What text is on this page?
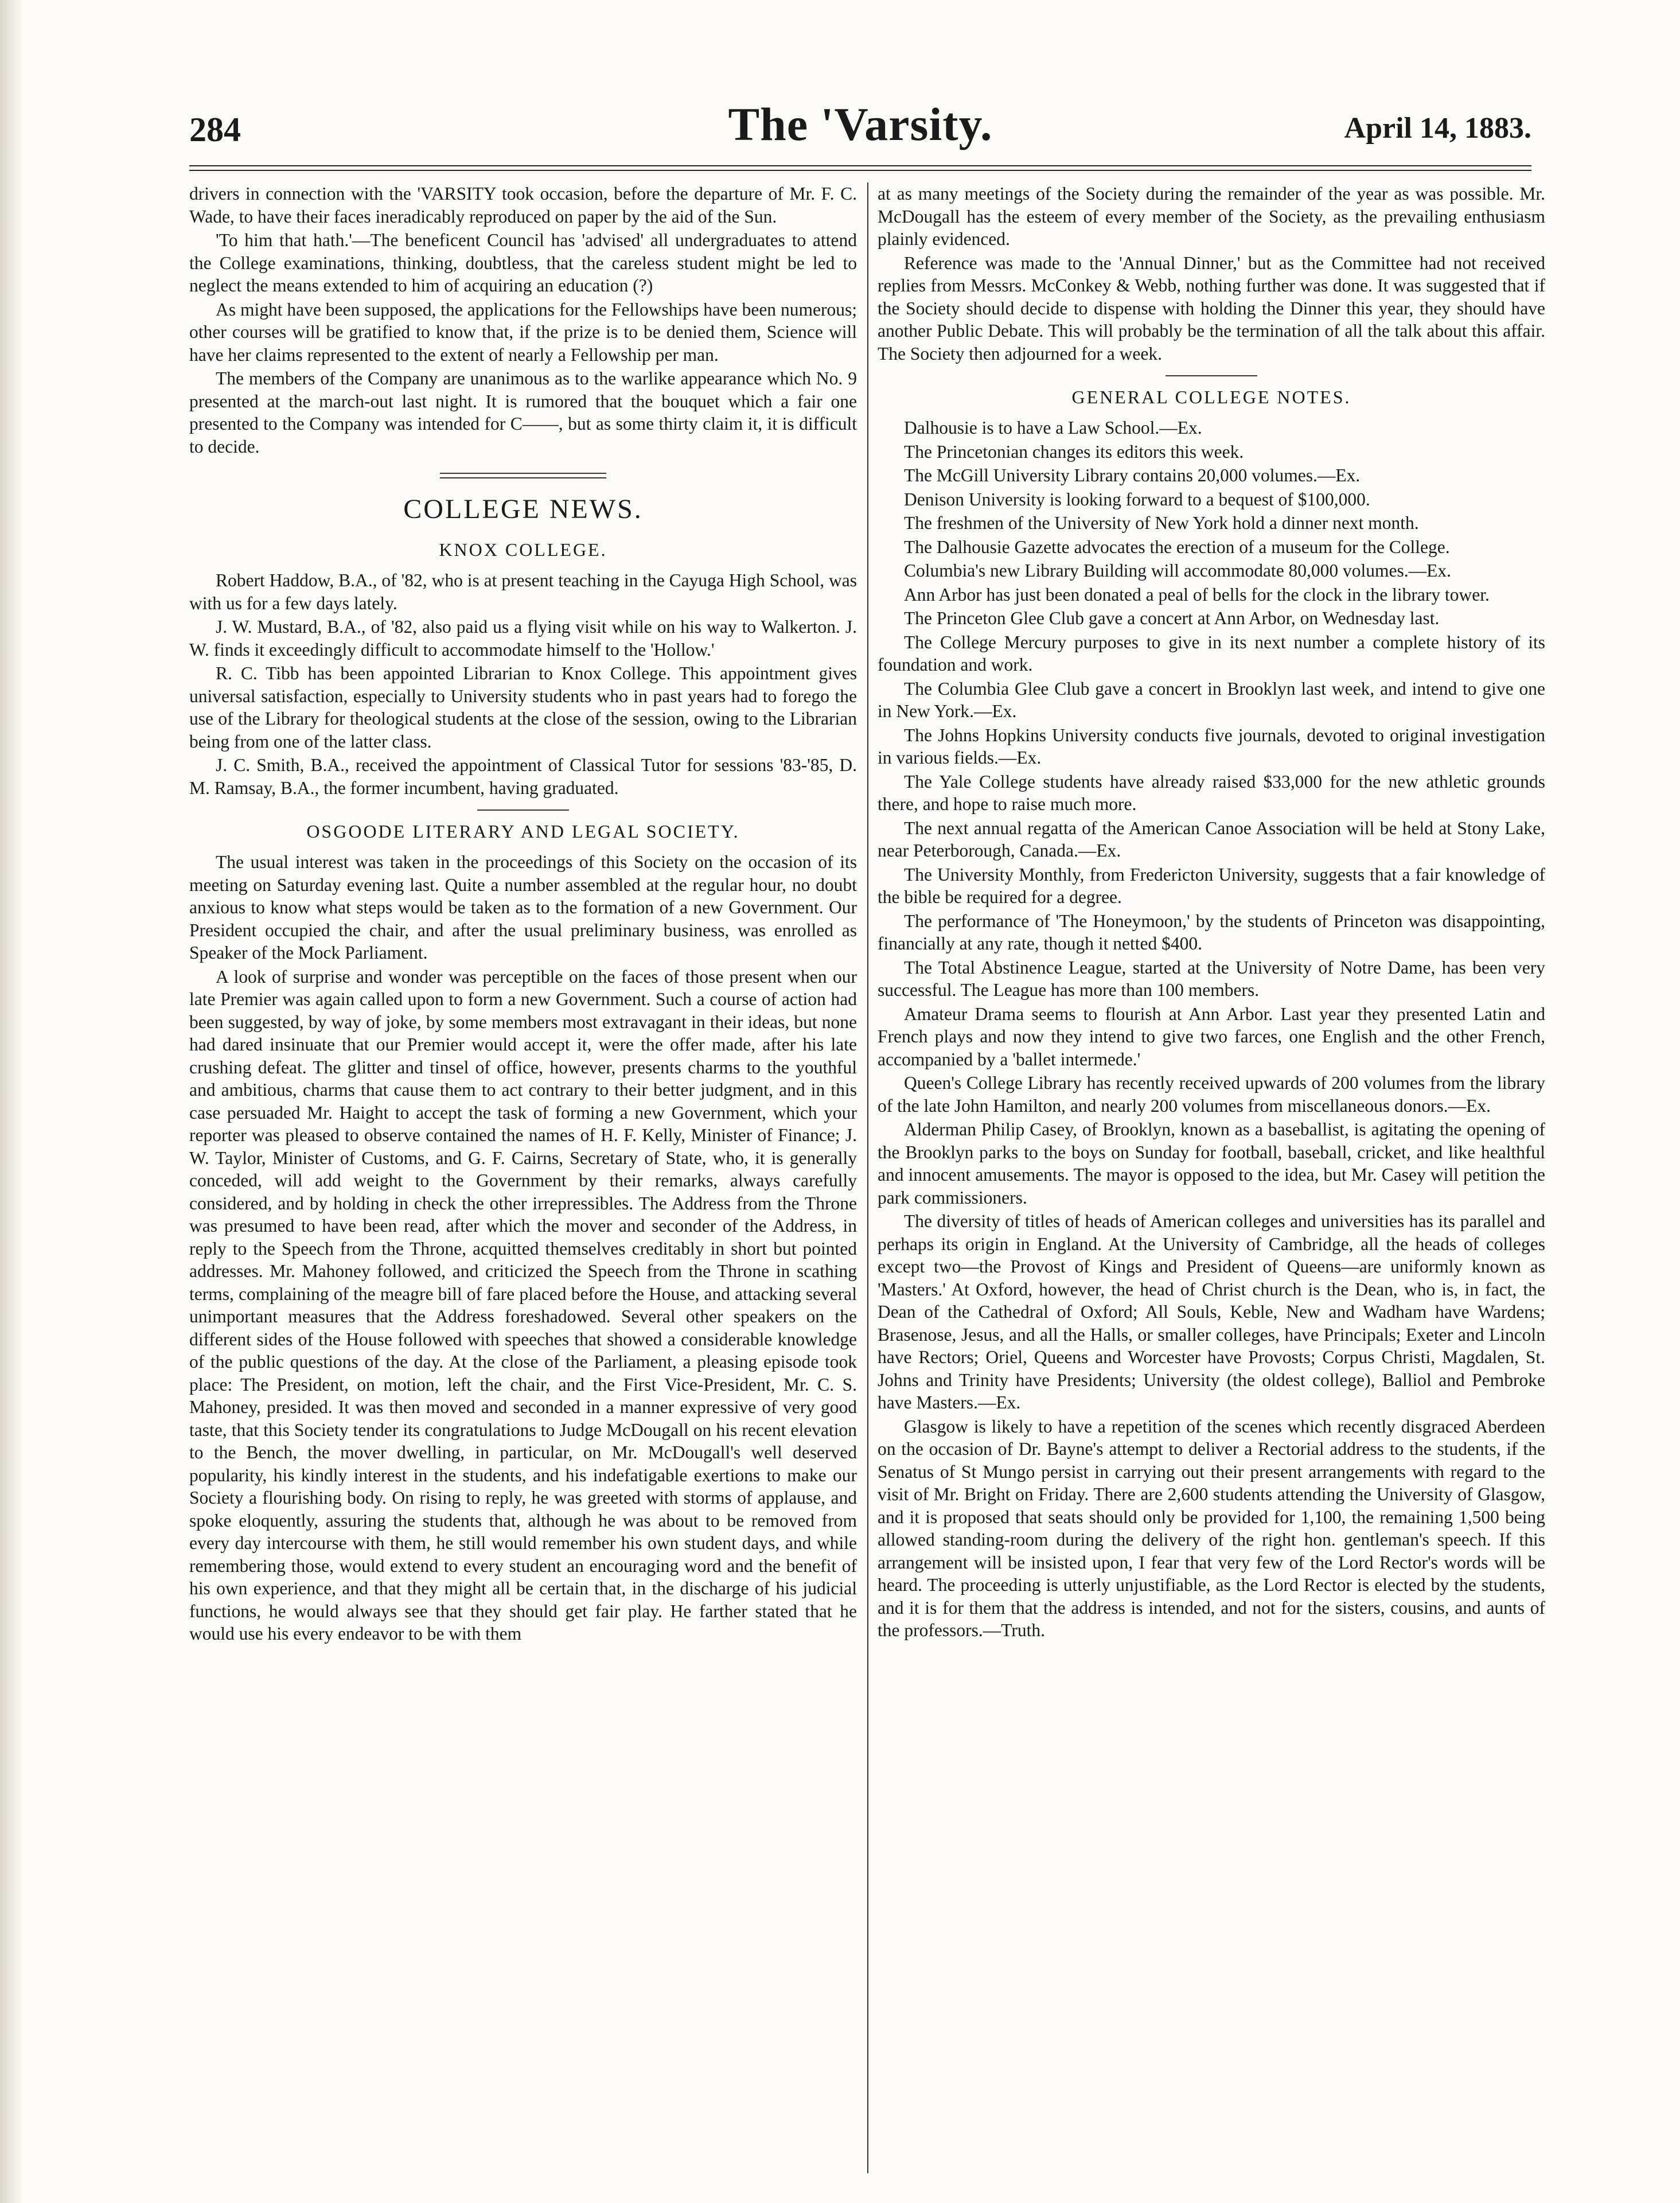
284	The 'Varsity.	April 14, 1883.

drivers in connection with the 'VARSITY took occasion, before the departure of Mr. F. C. Wade, to have their faces ineradicably reproduced on paper by the aid of the Sun.

'To him that hath.'—The beneficent Council has 'advised' all undergraduates to attend the College examinations, thinking, doubtless, that the careless student might be led to neglect the means extended to him of acquiring an education (?)

As might have been supposed, the applications for the Fellowships have been numerous; other courses will be gratified to know that, if the prize is to be denied them, Science will have her claims represented to the extent of nearly a Fellowship per man.

The members of the Company are unanimous as to the warlike appearance which No. 9 presented at the march-out last night. It is rumored that the bouquet which a fair one presented to the Company was intended for C——, but as some thirty claim it, it is difficult to decide.

COLLEGE NEWS.
KNOX COLLEGE.

Robert Haddow, B.A., of '82, who is at present teaching in the Cayuga High School, was with us for a few days lately.

J. W. Mustard, B.A., of '82, also paid us a flying visit while on his way to Walkerton. J. W. finds it exceedingly difficult to accommodate himself to the 'Hollow.'

R. C. Tibb has been appointed Librarian to Knox College. This appointment gives universal satisfaction, especially to University students who in past years had to forego the use of the Library for theological students at the close of the session, owing to the Librarian being from one of the latter class.

J. C. Smith, B.A., received the appointment of Classical Tutor for sessions '83-'85, D. M. Ramsay, B.A., the former incumbent, having graduated.

OSGOODE LITERARY AND LEGAL SOCIETY.

The usual interest was taken in the proceedings of this Society on the occasion of its meeting on Saturday evening last. Quite a number assembled at the regular hour, no doubt anxious to know what steps would be taken as to the formation of a new Government. Our President occupied the chair, and after the usual preliminary business, was enrolled as Speaker of the Mock Parliament.

A look of surprise and wonder was perceptible on the faces of those present when our late Premier was again called upon to form a new Government. Such a course of action had been suggested, by way of joke, by some members most extravagant in their ideas, but none had dared insinuate that our Premier would accept it, were the offer made, after his late crushing defeat. The glitter and tinsel of office, however, presents charms to the youthful and ambitious, charms that cause them to act contrary to their better judgment, and in this case persuaded Mr. Haight to accept the task of forming a new Government, which your reporter was pleased to observe contained the names of H. F. Kelly, Minister of Finance; J. W. Taylor, Minister of Customs, and G. F. Cairns, Secretary of State, who, it is generally conceded, will add weight to the Government by their remarks, always carefully considered, and by holding in check the other irrepressibles. The Address from the Throne was presumed to have been read, after which the mover and seconder of the Address, in reply to the Speech from the Throne, acquitted themselves creditably in short but pointed addresses. Mr. Mahoney followed, and criticized the Speech from the Throne in scathing terms, complaining of the meagre bill of fare placed before the House, and attacking several unimportant measures that the Address foreshadowed. Several other speakers on the different sides of the House followed with speeches that showed a considerable knowledge of the public questions of the day. At the close of the Parliament, a pleasing episode took place: The President, on motion, left the chair, and the First Vice-President, Mr. C. S. Mahoney, presided. It was then moved and seconded in a manner expressive of very good taste, that this Society tender its congratulations to Judge McDougall on his recent elevation to the Bench, the mover dwelling, in particular, on Mr. McDougall's well deserved popularity, his kindly interest in the students, and his indefatigable exertions to make our Society a flourishing body. On rising to reply, he was greeted with storms of applause, and spoke eloquently, assuring the students that, although he was about to be removed from every day intercourse with them, he still would remember his own student days, and while remembering those, would extend to every student an encouraging word and the benefit of his own experience, and that they might all be certain that, in the discharge of his judicial functions, he would always see that they should get fair play. He farther stated that he would use his every endeavor to be with them

at as many meetings of the Society during the remainder of the year as was possible. Mr. McDougall has the esteem of every member of the Society, as the prevailing enthusiasm plainly evidenced.

Reference was made to the 'Annual Dinner,' but as the Committee had not received replies from Messrs. McConkey & Webb, nothing further was done. It was suggested that if the Society should decide to dispense with holding the Dinner this year, they should have another Public Debate. This will probably be the termination of all the talk about this affair. The Society then adjourned for a week.

GENERAL COLLEGE NOTES.

Dalhousie is to have a Law School.—Ex.

The Princetonian changes its editors this week.

The McGill University Library contains 20,000 volumes.—Ex.

Denison University is looking forward to a bequest of $100,000.

The freshmen of the University of New York hold a dinner next month.

The Dalhousie Gazette advocates the erection of a museum for the College.

Columbia's new Library Building will accommodate 80,000 volumes.—Ex.

Ann Arbor has just been donated a peal of bells for the clock in the library tower.

The Princeton Glee Club gave a concert at Ann Arbor, on Wednesday last.

The College Mercury purposes to give in its next number a complete history of its foundation and work.

The Columbia Glee Club gave a concert in Brooklyn last week, and intend to give one in New York.—Ex.

The Johns Hopkins University conducts five journals, devoted to original investigation in various fields.—Ex.

The Yale College students have already raised $33,000 for the new athletic grounds there, and hope to raise much more.

The next annual regatta of the American Canoe Association will be held at Stony Lake, near Peterborough, Canada.—Ex.

The University Monthly, from Fredericton University, suggests that a fair knowledge of the bible be required for a degree.

The performance of 'The Honeymoon,' by the students of Princeton was disappointing, financially at any rate, though it netted $400.

The Total Abstinence League, started at the University of Notre Dame, has been very successful. The League has more than 100 members.

Amateur Drama seems to flourish at Ann Arbor. Last year they presented Latin and French plays and now they intend to give two farces, one English and the other French, accompanied by a 'ballet intermede.'

Queen's College Library has recently received upwards of 200 volumes from the library of the late John Hamilton, and nearly 200 volumes from miscellaneous donors.—Ex.

Alderman Philip Casey, of Brooklyn, known as a baseballist, is agitating the opening of the Brooklyn parks to the boys on Sunday for football, baseball, cricket, and like healthful and innocent amusements. The mayor is opposed to the idea, but Mr. Casey will petition the park commissioners.

The diversity of titles of heads of American colleges and universities has its parallel and perhaps its origin in England. At the University of Cambridge, all the heads of colleges except two—the Provost of Kings and President of Queens—are uniformly known as 'Masters.' At Oxford, however, the head of Christ church is the Dean, who is, in fact, the Dean of the Cathedral of Oxford; All Souls, Keble, New and Wadham have Wardens; Brasenose, Jesus, and all the Halls, or smaller colleges, have Principals; Exeter and Lincoln have Rectors; Oriel, Queens and Worcester have Provosts; Corpus Christi, Magdalen, St. Johns and Trinity have Presidents; University (the oldest college), Balliol and Pembroke have Masters.—Ex.

Glasgow is likely to have a repetition of the scenes which recently disgraced Aberdeen on the occasion of Dr. Bayne's attempt to deliver a Rectorial address to the students, if the Senatus of St Mungo persist in carrying out their present arrangements with regard to the visit of Mr. Bright on Friday. There are 2,600 students attending the University of Glasgow, and it is proposed that seats should only be provided for 1,100, the remaining 1,500 being allowed standing-room during the delivery of the right hon. gentleman's speech. If this arrangement will be insisted upon, I fear that very few of the Lord Rector's words will be heard. The proceeding is utterly unjustifiable, as the Lord Rector is elected by the students, and it is for them that the address is intended, and not for the sisters, cousins, and aunts of the professors.—Truth.
